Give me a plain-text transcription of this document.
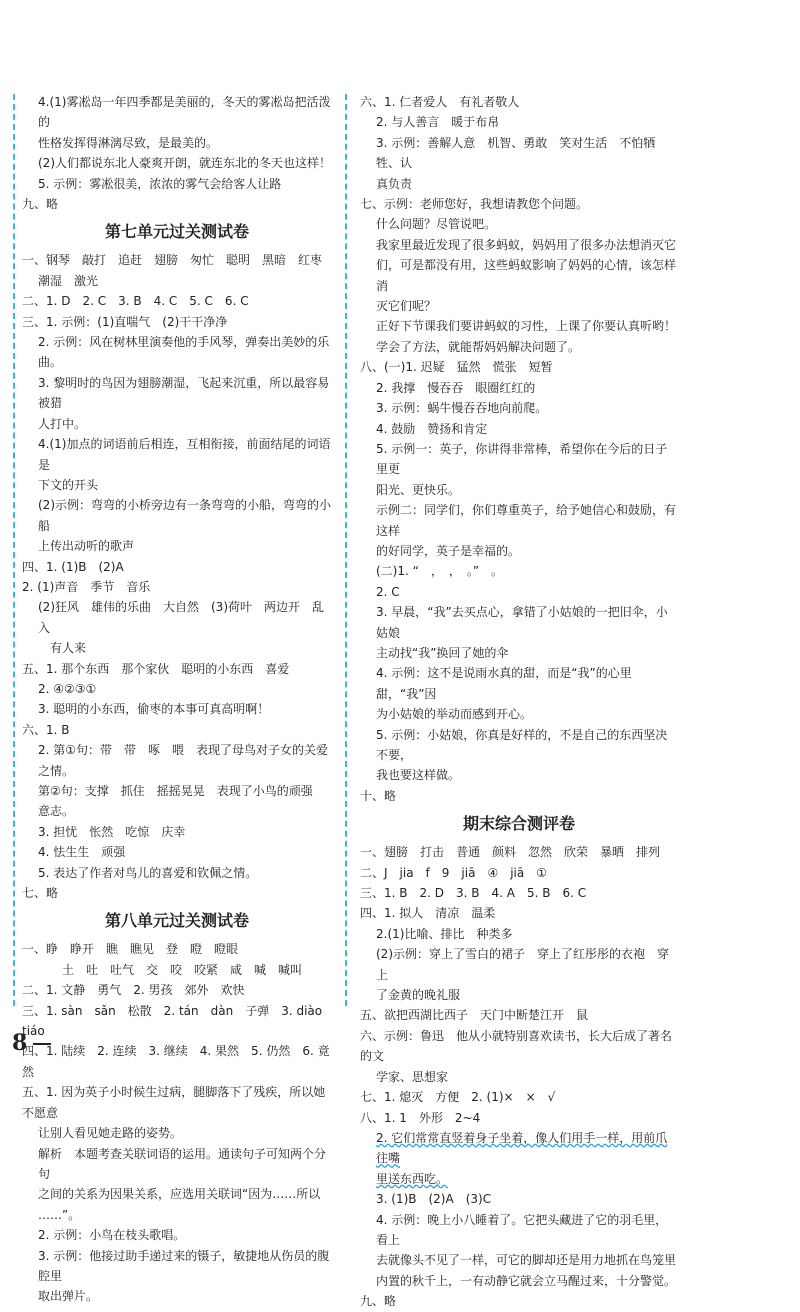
4.(1)雾凇岛一年四季都是美丽的，冬天的雾凇岛把活泼的
性格发挥得淋漓尽致，是最美的。
(2)人们都说东北人豪爽开朗，就连东北的冬天也这样！
5. 示例：雾凇很美，浓浓的雾气会给客人让路
九、略
第七单元过关测试卷
一、钢琴　敲打　追赶　翅膀　匆忙　聪明　黑暗　红枣
潮湿　激光
二、1. D　2. C　3. B　4. C　5. C　6. C
三、1. 示例：(1)直喘气　(2)干干净净
2. 示例：风在树林里演奏他的手风琴，弹奏出美妙的乐曲。
3. 黎明时的鸟因为翅膀潮湿，飞起来沉重，所以最容易被猎
人打中。
4.(1)加点的词语前后相连，互相衔接，前面结尾的词语是
下文的开头
(2)示例：弯弯的小桥旁边有一条弯弯的小船，弯弯的小船
上传出动听的歌声
四、1. (1)B　(2)A
2. (1)声音　季节　音乐
(2)狂风　雄伟的乐曲　大自然　(3)荷叶　两边开　乱入
有人来
五、1. 那个东西　那个家伙　聪明的小东西　喜爱
2. ④②③①
3. 聪明的小东西，偷枣的本事可真高明啊！
六、1. B
2. 第①句：带　带　啄　喂　表现了母鸟对子女的关爱
之情。
第②句：支撑　抓住　摇摇晃晃　表现了小鸟的顽强
意志。
3. 担忧　怅然　吃惊　庆幸
4. 怯生生　顽强
5. 表达了作者对鸟儿的喜爱和钦佩之情。
七、略
第八单元过关测试卷
一、睁　睁开　瞧　瞧见　登　瞪　瞪眼
土　吐　吐气　交　咬　咬紧　咸　喊　喊叫
二、1. 文静　勇气　2. 男孩　郊外　欢快
三、1. sàn　sǎn　松散　2. tán　dàn　子弹　3. diào　tiáo
四、1. 陆续　2. 连续　3. 继续　4. 果然　5. 仍然　6. 竟然
五、1. 因为英子小时候生过病，腿脚落下了残疾，所以她不愿意
让别人看见她走路的姿势。
解析　本题考查关联词语的运用。通读句子可知两个分句
之间的关系为因果关系，应选用关联词“因为……所以
……”。
2. 示例：小鸟在枝头歌唱。
3. 示例：他接过助手递过来的镊子，敏捷地从伤员的腹腔里
取出弹片。
六、1. 仁者爱人　有礼者敬人
2. 与人善言　暖于布帛
3. 示例：善解人意　机智、勇敢　笑对生活　不怕牺牲、认
真负责
七、示例：老师您好，我想请教您个问题。
什么问题？尽管说吧。
我家里最近发现了很多蚂蚁，妈妈用了很多办法想消灭它
们，可是都没有用，这些蚂蚁影响了妈妈的心情，该怎样消
灭它们呢？
正好下节课我们要讲蚂蚁的习性，上课了你要认真听哟！
学会了方法，就能帮妈妈解决问题了。
八、(一)1. 迟疑　猛然　慌张　短暂
2. 我撑　慢吞吞　眼圈红红的
3. 示例：蜗牛慢吞吞地向前爬。
4. 鼓励　赞扬和肯定
5. 示例一：英子，你讲得非常棒，希望你在今后的日子里更
阳光、更快乐。
示例二：同学们，你们尊重英子，给予她信心和鼓励，有这样
的好同学，英子是幸福的。
(二)1. “　，　，　。”　。
2. C
3. 早晨，“我”去买点心，拿错了小姑娘的一把旧伞，小姑娘
主动找“我”换回了她的伞
4. 示例：这不是说雨水真的甜，而是“我”的心里甜，“我”因
为小姑娘的举动而感到开心。
5. 示例：小姑娘，你真是好样的，不是自己的东西坚决不要，
我也要这样做。
十、略
期末综合测评卷
一、翅膀　打击　普通　颜料　忽然　欣荣　暴晒　排列
二、J　jia　f　9　jiā　④　jiā　①
三、1. B　2. D　3. B　4. A　5. B　6. C
四、1. 拟人　清凉　温柔
2.(1)比喻、排比　种类多
(2)示例：穿上了雪白的裙子　穿上了红彤彤的衣袍　穿上
了金黄的晚礼服
五、欲把西湖比西子　天门中断楚江开　鼠
六、示例：鲁迅　他从小就特别喜欢读书，长大后成了著名的文
学家、思想家
七、1. 熄灭　方便　2. (1)×　×　√
八、1. 1　外形　2~4
2. 它们常常直竖着身子坐着，像人们用手一样，用前爪往嘴
里送东西吃。
3. (1)B　(2)A　(3)C
4. 示例：晚上小八睡着了。它把头藏进了它的羽毛里，看上
去就像头不见了一样，可它的脚却还是用力地抓在鸟笼里
内置的秋千上，一有动静它就会立马醒过来，十分警觉。
九、略
8
